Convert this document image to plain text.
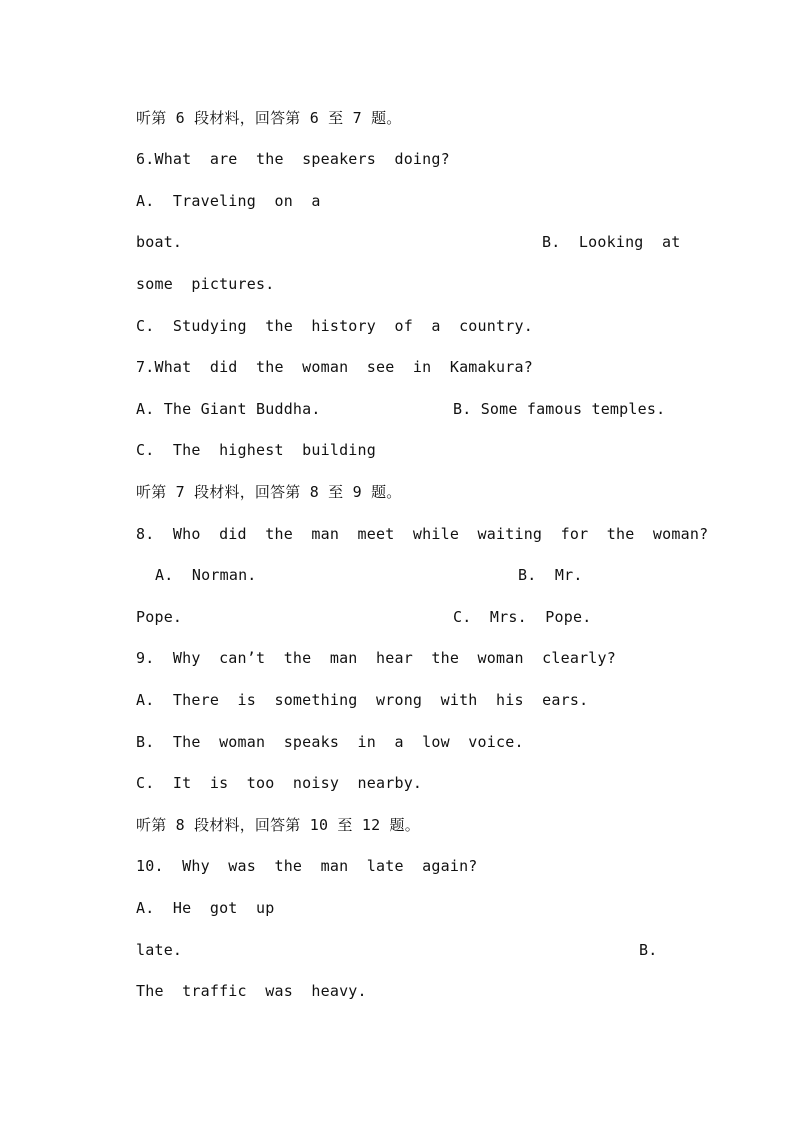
听第 6 段材料，回答第 6 至 7 题。
6.What  are  the  speakers  doing?
A.  Traveling  on  a
boat.	B.  Looking  at
some  pictures.
C.  Studying  the  history  of  a  country.
7.What  did  the  woman  see  in  Kamakura?
A. The Giant Buddha.	B. Some famous temples.
C.  The  highest  building
听第 7 段材料，回答第 8 至 9 题。
8.  Who  did  the  man  meet  while  waiting  for  the  woman?
A.  Norman.	B.  Mr.
Pope.	C.  Mrs.  Pope.
9.  Why  can’t  the  man  hear  the  woman  clearly?
A.  There  is  something  wrong  with  his  ears.
B.  The  woman  speaks  in  a  low  voice.
C.  It  is  too  noisy  nearby.
听第 8 段材料，回答第 10 至 12 题。
10.  Why  was  the  man  late  again?
A.  He  got  up
late.	B.
The  traffic  was  heavy.
